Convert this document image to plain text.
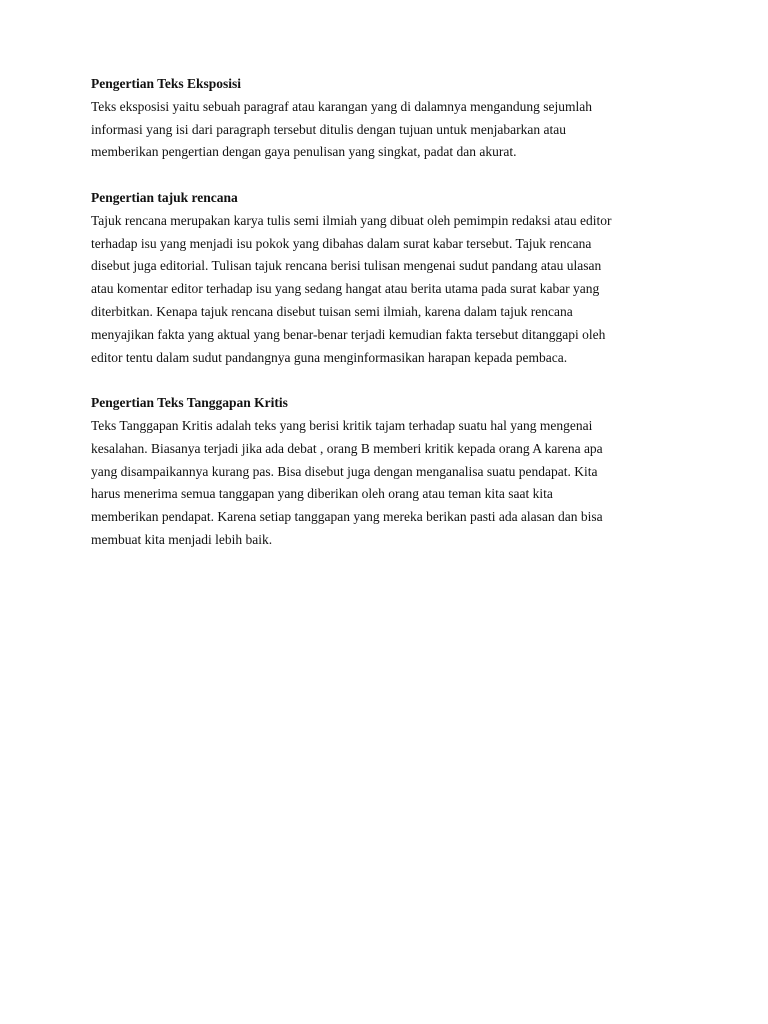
Pengertian Teks Eksposisi

Teks eksposisi yaitu sebuah paragraf atau karangan yang di dalamnya mengandung sejumlah

informasi yang isi dari paragraph tersebut ditulis dengan tujuan untuk menjabarkan atau

memberikan pengertian dengan gaya penulisan yang singkat, padat dan akurat.

Pengertian tajuk rencana

Tajuk rencana merupakan karya tulis semi ilmiah yang dibuat oleh pemimpin redaksi atau editor

terhadap isu yang menjadi isu pokok yang dibahas dalam surat kabar tersebut. Tajuk rencana

disebut juga editorial. Tulisan tajuk rencana berisi tulisan mengenai sudut pandang atau ulasan

atau komentar editor terhadap isu yang sedang hangat atau berita utama pada surat kabar yang

diterbitkan. Kenapa tajuk rencana disebut tuisan semi ilmiah, karena dalam tajuk rencana

menyajikan fakta yang aktual yang benar-benar terjadi kemudian fakta tersebut ditanggapi oleh

editor tentu dalam sudut pandangnya guna menginformasikan harapan kepada pembaca.

Pengertian Teks Tanggapan Kritis

Teks Tanggapan Kritis adalah teks yang berisi kritik tajam terhadap suatu hal yang mengenai

kesalahan. Biasanya terjadi jika ada debat , orang B memberi kritik kepada orang A karena apa

yang disampaikannya kurang pas. Bisa disebut juga dengan menganalisa suatu pendapat. Kita

harus menerima semua tanggapan yang diberikan oleh orang atau teman kita saat kita

memberikan pendapat. Karena setiap tanggapan yang mereka berikan pasti ada alasan dan bisa

membuat kita menjadi lebih baik.
